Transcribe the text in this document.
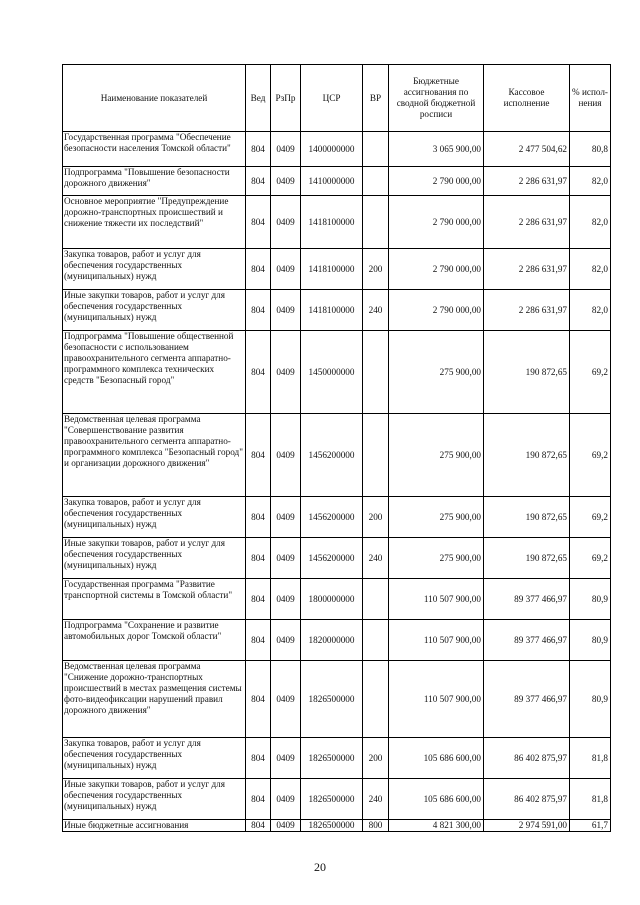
Наименование показателей	Вед	РзПр	ЦСР	ВР	Бюджетные ассигнования по сводной бюджетной росписи	Кассовое исполнение	% испол-нения
Государственная программа "Обеспечение безопасности населения Томской области"	804	0409	1400000000		3 065 900,00	2 477 504,62	80,8
Подпрограмма "Повышение безопасности дорожного движения"	804	0409	1410000000		2 790 000,00	2 286 631,97	82,0
Основное мероприятие "Предупреждение дорожно-транспортных происшествий и снижение тяжести их последствий"	804	0409	1418100000		2 790 000,00	2 286 631,97	82,0
Закупка товаров, работ и услуг для обеспечения государственных (муниципальных) нужд	804	0409	1418100000	200	2 790 000,00	2 286 631,97	82,0
Иные закупки товаров, работ и услуг для обеспечения государственных (муниципальных) нужд	804	0409	1418100000	240	2 790 000,00	2 286 631,97	82,0
Подпрограмма "Повышение общественной безопасности с использованием правоохранительного сегмента аппаратно-программного комплекса технических средств "Безопасный город"	804	0409	1450000000		275 900,00	190 872,65	69,2
Ведомственная целевая программа "Совершенствование развития правоохранительного сегмента аппаратно-программного комплекса "Безопасный город" и организации дорожного движения"	804	0409	1456200000		275 900,00	190 872,65	69,2
Закупка товаров, работ и услуг для обеспечения государственных (муниципальных) нужд	804	0409	1456200000	200	275 900,00	190 872,65	69,2
Иные закупки товаров, работ и услуг для обеспечения государственных (муниципальных) нужд	804	0409	1456200000	240	275 900,00	190 872,65	69,2
Государственная программа "Развитие транспортной системы в Томской области"	804	0409	1800000000		110 507 900,00	89 377 466,97	80,9
Подпрограмма "Сохранение и развитие автомобильных дорог Томской области"	804	0409	1820000000		110 507 900,00	89 377 466,97	80,9
Ведомственная целевая программа "Снижение дорожно-транспортных происшествий в местах размещения системы фото-видеофиксации нарушений правил дорожного движения"	804	0409	1826500000		110 507 900,00	89 377 466,97	80,9
Закупка товаров, работ и услуг для обеспечения государственных (муниципальных) нужд	804	0409	1826500000	200	105 686 600,00	86 402 875,97	81,8
Иные закупки товаров, работ и услуг для обеспечения государственных (муниципальных) нужд	804	0409	1826500000	240	105 686 600,00	86 402 875,97	81,8
Иные бюджетные ассигнования	804	0409	1826500000	800	4 821 300,00	2 974 591,00	61,7
20
